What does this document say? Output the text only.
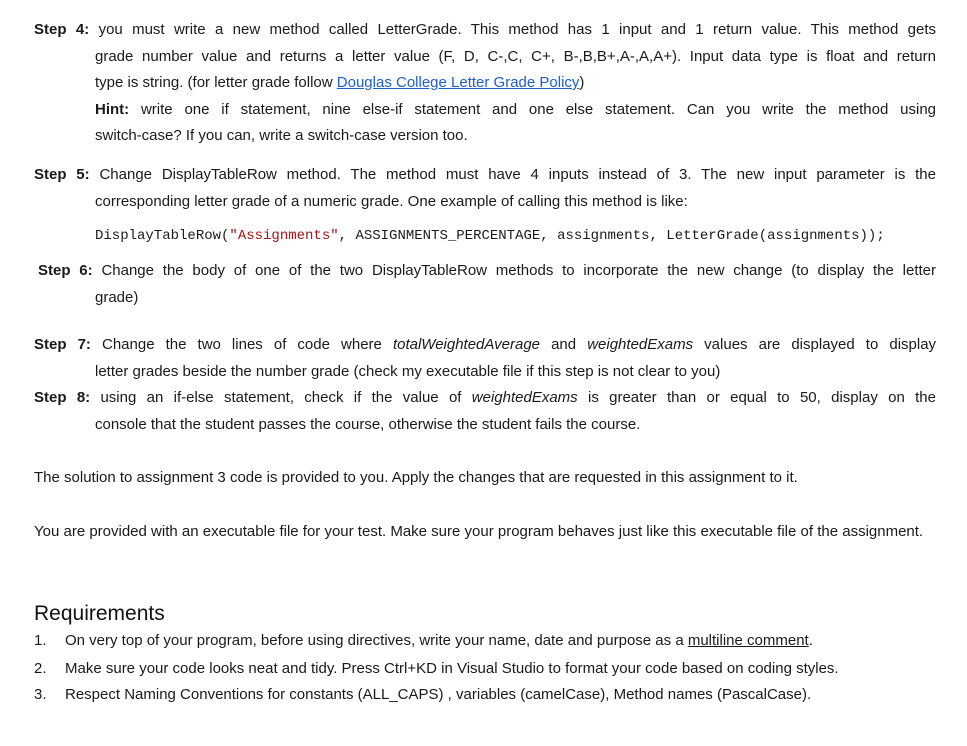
Step 4: you must write a new method called LetterGrade. This method has 1 input and 1 return value. This method gets
grade number value and returns a letter value (F, D, C-,C, C+, B-,B,B+,A-,A,A+). Input data type is float and return
type is string. (for letter grade follow Douglas College Letter Grade Policy)
Hint: write one if statement, nine else-if statement and one else statement. Can you write the method using
switch-case? If you can, write a switch-case version too.
Step 5: Change DisplayTableRow method. The method must have 4 inputs instead of 3. The new input parameter is the
corresponding letter grade of a numeric grade. One example of calling this method is like:
DisplayTableRow("Assignments", ASSIGNMENTS_PERCENTAGE, assignments, LetterGrade(assignments));
Step 6: Change the body of one of the two DisplayTableRow methods to incorporate the new change (to display the letter
grade)
Step 7: Change the two lines of code where totalWeightedAverage and weightedExams values are displayed to display
letter grades beside the number grade (check my executable file if this step is not clear to you)
Step 8: using an if-else statement, check if the value of weightedExams is greater than or equal to 50, display on the
console that the student passes the course, otherwise the student fails the course.
The solution to assignment 3 code is provided to you. Apply the changes that are requested in this assignment to it.
You are provided with an executable file for your test. Make sure your program behaves just like this executable file of the assignment.
Requirements
1. On very top of your program, before using directives, write your name, date and purpose as a multiline comment.
2. Make sure your code looks neat and tidy. Press Ctrl+KD in Visual Studio to format your code based on coding styles.
3. Respect Naming Conventions for constants (ALL_CAPS) , variables (camelCase), Method names (PascalCase).
